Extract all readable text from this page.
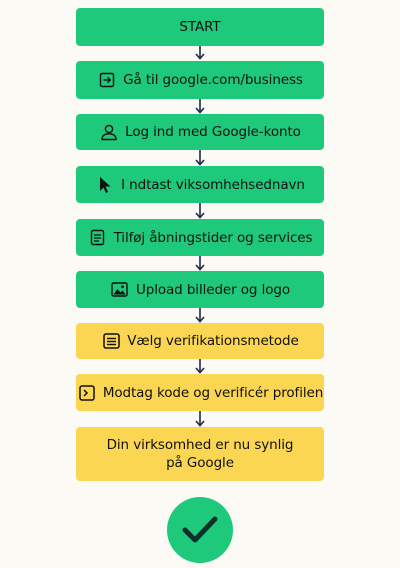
START
Gå til google.com/business
Log ind med Google-konto
I ndtast viksomhehsednavn
Tilføj åbningstider og services
Upload billeder og logo
Vælg verifikationsmetode
Modtag kode og verificér profilen
Din virksomhed er nu synlig
på Google
